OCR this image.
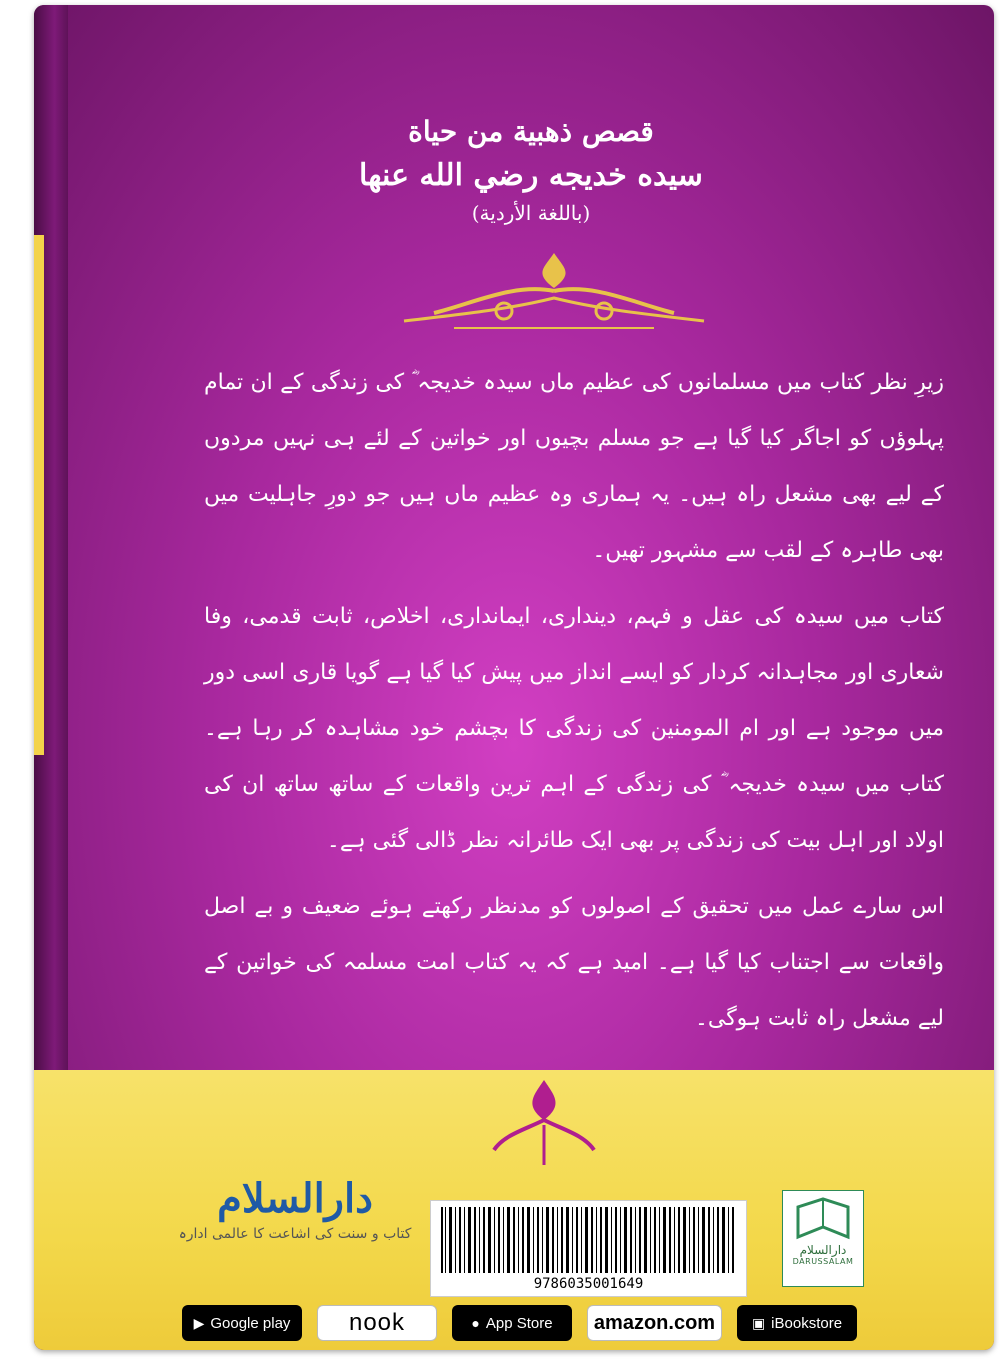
قصص ذهبية من حياة

سيده خديجه رضي الله عنها

(باللغة الأردية)

زیرِ نظر کتاب میں مسلمانوں کی عظیم ماں سیدہ خدیجہ ؓ کی زندگی کے ان تمام پہلوؤں کو اجاگر کیا گیا ہے جو مسلم بچیوں اور خواتین کے لئے ہی نہیں مردوں کے لیے بھی مشعل راہ ہیں۔ یہ ہماری وہ عظیم ماں ہیں جو دورِ جاہلیت میں بھی طاہرہ کے لقب سے مشہور تھیں۔

کتاب میں سیدہ کی عقل و فہم، دینداری، ایمانداری، اخلاص، ثابت قدمی، وفا شعاری اور مجاہدانہ کردار کو ایسے انداز میں پیش کیا گیا ہے گویا قاری اسی دور میں موجود ہے اور ام المومنین کی زندگی کا بچشم خود مشاہدہ کر رہا ہے۔ کتاب میں سیدہ خدیجہ ؓ کی زندگی کے اہم ترین واقعات کے ساتھ ساتھ ان کی اولاد اور اہل بیت کی زندگی پر بھی ایک طائرانہ نظر ڈالی گئی ہے۔

اس سارے عمل میں تحقیق کے اصولوں کو مدنظر رکھتے ہوئے ضعیف و بے اصل واقعات سے اجتناب کیا گیا ہے۔ امید ہے کہ یہ کتاب امت مسلمہ کی خواتین کے لیے مشعل راہ ثابت ہوگی۔

دارالسلام
کتاب و سنت کی اشاعت کا عالمی ادارہ
9786035001649
دارالسلام
DARUSSALAM
▶ Google play nook	● App Store amazon.com	▣ iBookstore
